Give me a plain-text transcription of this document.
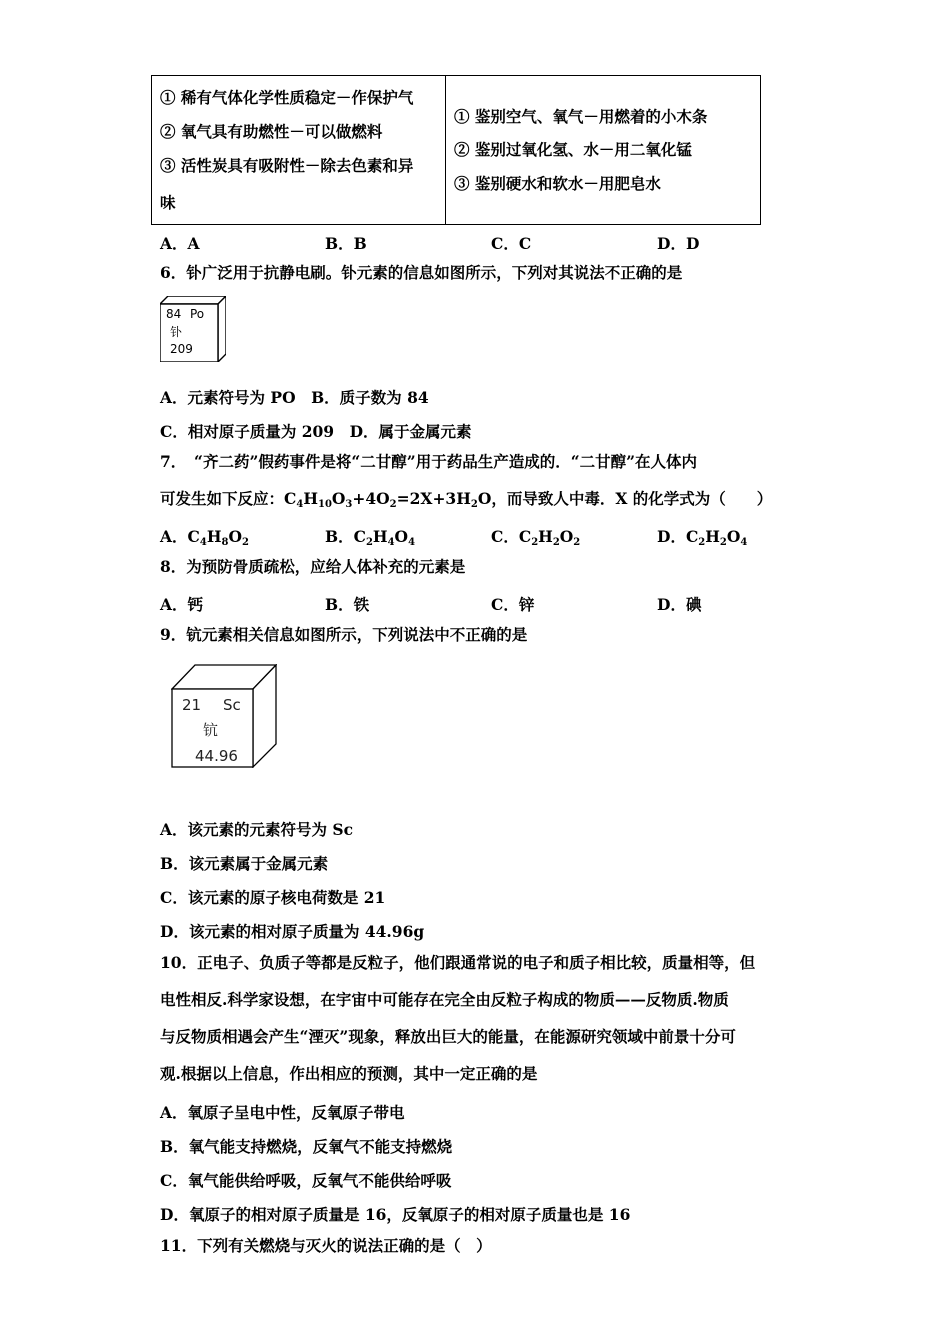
① 稀有气体化学性质稳定－作保护气
② 氧气具有助燃性－可以做燃料
③ 活性炭具有吸附性－除去色素和异
味
① 鉴别空气、氧气－用燃着的小木条
② 鉴别过氧化氢、水－用二氧化锰
③ 鉴别硬水和软水－用肥皂水
A．A	B．B	C．C	D．D
6．钋广泛用于抗静电刷。钋元素的信息如图所示，下列对其说法不正确的是
84 Po
钋
209
A．元素符号为 PO　B．质子数为 84
C．相对原子质量为 209　D．属于金属元素
7．　“齐二药”假药事件是将“二甘醇”用于药品生产造成的．“二甘醇”在人体内
可发生如下反应：$C_4H_{10}O_3+4O_2=2X+3H_2O$，而导致人中毒．X 的化学式为（　　）
A．$C_4H_8O_2$	B．$C_2H_4O_4$	C．$C_2H_2O_2$	D．$C_2H_2O_4$
8．为预防骨质疏松，应给人体补充的元素是
A．钙	B．铁	C．锌	D．碘
9．钪元素相关信息如图所示，下列说法中不正确的是
21 Sc
钪
44.96
A．该元素的元素符号为 Sc
B．该元素属于金属元素
C．该元素的原子核电荷数是 21
D．该元素的相对原子质量为 44.96g
10．正电子、负质子等都是反粒子，他们跟通常说的电子和质子相比较，质量相等，但
电性相反.科学家设想，在宇宙中可能存在完全由反粒子构成的物质——反物质.物质
与反物质相遇会产生“湮灭”现象，释放出巨大的能量，在能源研究领域中前景十分可
观.根据以上信息，作出相应的预测，其中一定正确的是
A．氧原子呈电中性，反氧原子带电
B．氧气能支持燃烧，反氧气不能支持燃烧
C．氧气能供给呼吸，反氧气不能供给呼吸
D．氧原子的相对原子质量是 16，反氧原子的相对原子质量也是 16
11．下列有关燃烧与灭火的说法正确的是（　）
